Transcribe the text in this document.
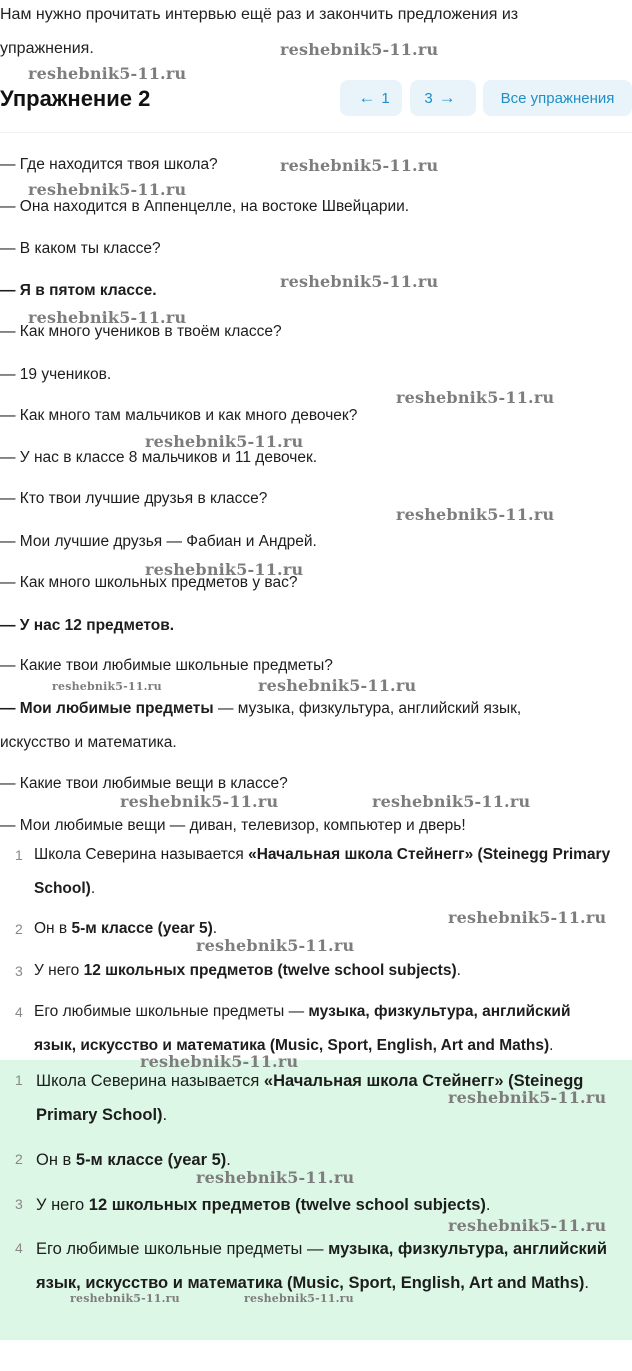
Нам нужно прочитать интервью ещё раз и закончить предложения из
упражнения.
Упражнение 2	← 1 3 →	Все упражнения
— Где находится твоя школа?
— Она находится в Аппенцелле, на востоке Швейцарии.
— В каком ты классе?
— Я в пятом классе.
— Как много учеников в твоём классе?
— 19 учеников.
— Как много там мальчиков и как много девочек?
— У нас в классе 8 мальчиков и 11 девочек.
— Кто твои лучшие друзья в классе?
— Мои лучшие друзья — Фабиан и Андрей.
— Как много школьных предметов у вас?
— У нас 12 предметов.
— Какие твои любимые школьные предметы?
— Мои любимые предметы — музыка, физкультура, английский язык,
искусство и математика.
— Какие твои любимые вещи в классе?
— Мои любимые вещи — диван, телевизор, компьютер и дверь!
1 Школа Северина называется «Начальная школа Стейнегг» (Steinegg Primary School).
2 Он в 5-м классе (year 5).
3 У него 12 школьных предметов (twelve school subjects).
4 Его любимые школьные предметы — музыка, физкультура, английский язык, искусство и математика (Music, Sport, English, Art and Maths).
1 Школа Северина называется «Начальная школа Стейнегг» (Steinegg Primary School).
2 Он в 5-м классе (year 5).
3 У него 12 школьных предметов (twelve school subjects).
4 Его любимые школьные предметы — музыка, физкультура, английский язык, искусство и математика (Music, Sport, English, Art and Maths).
reshebnik5-11.ru
reshebnik5-11.ru
reshebnik5-11.ru
reshebnik5-11.ru
reshebnik5-11.ru
reshebnik5-11.ru
reshebnik5-11.ru
reshebnik5-11.ru
reshebnik5-11.ru
reshebnik5-11.ru
reshebnik5-11.ru	reshebnik5-11.ru
reshebnik5-11.ru	reshebnik5-11.ru
reshebnik5-11.ru
reshebnik5-11.ru
reshebnik5-11.ru
reshebnik5-11.ru
reshebnik5-11.ru
reshebnik5-11.ru
reshebnik5-11.ru	reshebnik5-11.ru
